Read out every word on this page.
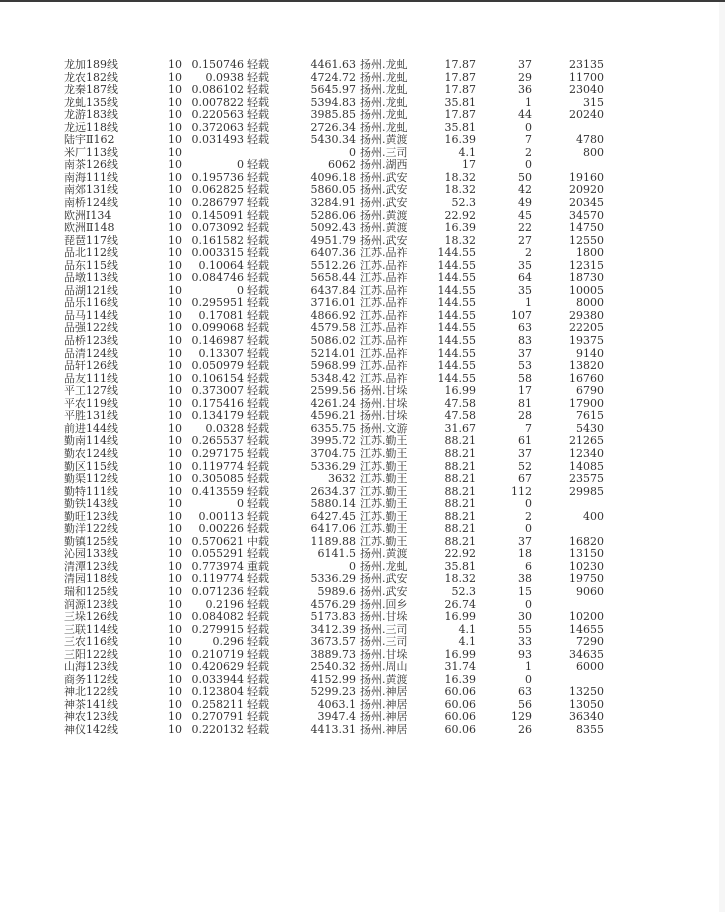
龙加189线	10 0.150746 轻载	4461.63 扬州.龙虬	17.87	37	23135
龙农182线	10	0.0938 轻载	4724.72 扬州.龙虬	17.87	29	11700
龙秦187线	10 0.086102 轻载	5645.97 扬州.龙虬	17.87	36	23040
龙虬135线	10 0.007822 轻载	5394.83 扬州.龙虬	35.81	1	315
龙游183线	10 0.220563 轻载	3985.85 扬州.龙虬	17.87	44	20240
龙远118线	10 0.372063 轻载	2726.34 扬州.龙虬	35.81	0
陆宇Ⅱ162	10 0.031493 轻载	5430.34 扬州.黄渡	16.39	7	4780
米厂113线	10	0 扬州.三司	4.1	2	800
南茶126线	10	0 轻载	6062 扬州.湖西	17	0
南海111线	10 0.195736 轻载	4096.18 扬州.武安	18.32	50	19160
南郊131线	10 0.062825 轻载	5860.05 扬州.武安	18.32	42	20920
南桥124线	10 0.286797 轻载	3284.91 扬州.武安	52.3	49	20345
欧洲Ⅰ134	10 0.145091 轻载	5286.06 扬州.黄渡	22.92	45	34570
欧洲Ⅱ148	10 0.073092 轻载	5092.43 扬州.黄渡	16.39	22	14750
琵琶117线	10 0.161582 轻载	4951.79 扬州.武安	18.32	27	12550
品北112线	10 0.003315 轻载	6407.36 江苏.品祚	144.55	2	1800
品东115线	10	0.10064 轻载	5512.26 江苏.品祚	144.55	35	12315
品墩113线	10 0.084746 轻载	5658.44 江苏.品祚	144.55	64	18730
品湖121线	10	0 轻载	6437.84 江苏.品祚	144.55	35	10005
品乐116线	10 0.295951 轻载	3716.01 江苏.品祚	144.55	1	8000
品马114线	10	0.17081 轻载	4866.92 江苏.品祚	144.55	107	29380
品强122线	10 0.099068 轻载	4579.58 江苏.品祚	144.55	63	22205
品桥123线	10 0.146987 轻载	5086.02 江苏.品祚	144.55	83	19375
品清124线	10	0.13307 轻载	5214.01 江苏.品祚	144.55	37	9140
品轩126线	10 0.050979 轻载	5968.99 江苏.品祚	144.55	53	13820
品友111线	10 0.106154 轻载	5348.42 江苏.品祚	144.55	58	16760
平工127线	10 0.373007 轻载	2599.56 扬州.甘垛	16.99	17	6790
平农119线	10 0.175416 轻载	4261.24 扬州.甘垛	47.58	81	17900
平胜131线	10 0.134179 轻载	4596.21 扬州.甘垛	47.58	28	7615
前进144线	10	0.0328 轻载	6355.75 扬州.文游	31.67	7	5430
勤南114线	10 0.265537 轻载	3995.72 江苏.勤王	88.21	61	21265
勤农124线	10 0.297175 轻载	3704.75 江苏.勤王	88.21	37	12340
勤区115线	10 0.119774 轻载	5336.29 江苏.勤王	88.21	52	14085
勤渠112线	10 0.305085 轻载	3632 江苏.勤王	88.21	67	23575
勤特111线	10 0.413559 轻载	2634.37 江苏.勤王	88.21	112	29985
勤铁143线	10	0 轻载	5880.14 江苏.勤王	88.21	0
勤旺123线	10	0.00113 轻载	6427.45 江苏.勤王	88.21	2	400
勤洋122线	10	0.00226 轻载	6417.06 江苏.勤王	88.21	0
勤镇125线	10 0.570621 中载	1189.88 江苏.勤王	88.21	37	16820
沁园133线	10 0.055291 轻载	6141.5 扬州.黄渡	22.92	18	13150
清潭123线	10 0.773974 重载	0 扬州.龙虬	35.81	6	10230
清园118线	10 0.119774 轻载	5336.29 扬州.武安	18.32	38	19750
瑞和125线	10 0.071236 轻载	5989.6 扬州.武安	52.3	15	9060
润源123线	10	0.2196 轻载	4576.29 扬州.回乡	26.74	0
三垛126线	10 0.084082 轻载	5173.83 扬州.甘垛	16.99	30	10200
三联114线	10 0.279915 轻载	3412.39 扬州.三司	4.1	55	14655
三农116线	10	0.296 轻载	3673.57 扬州.三司	4.1	33	7290
三阳122线	10 0.210719 轻载	3889.73 扬州.甘垛	16.99	93	34635
山海123线	10 0.420629 轻载	2540.32 扬州.周山	31.74	1	6000
商务112线	10 0.033944 轻载	4152.99 扬州.黄渡	16.39	0
神北122线	10 0.123804 轻载	5299.23 扬州.神居	60.06	63	13250
神茶141线	10 0.258211 轻载	4063.1 扬州.神居	60.06	56	13050
神农123线	10 0.270791 轻载	3947.4 扬州.神居	60.06	129	36340
神仪142线	10 0.220132 轻载	4413.31 扬州.神居	60.06	26	8355
